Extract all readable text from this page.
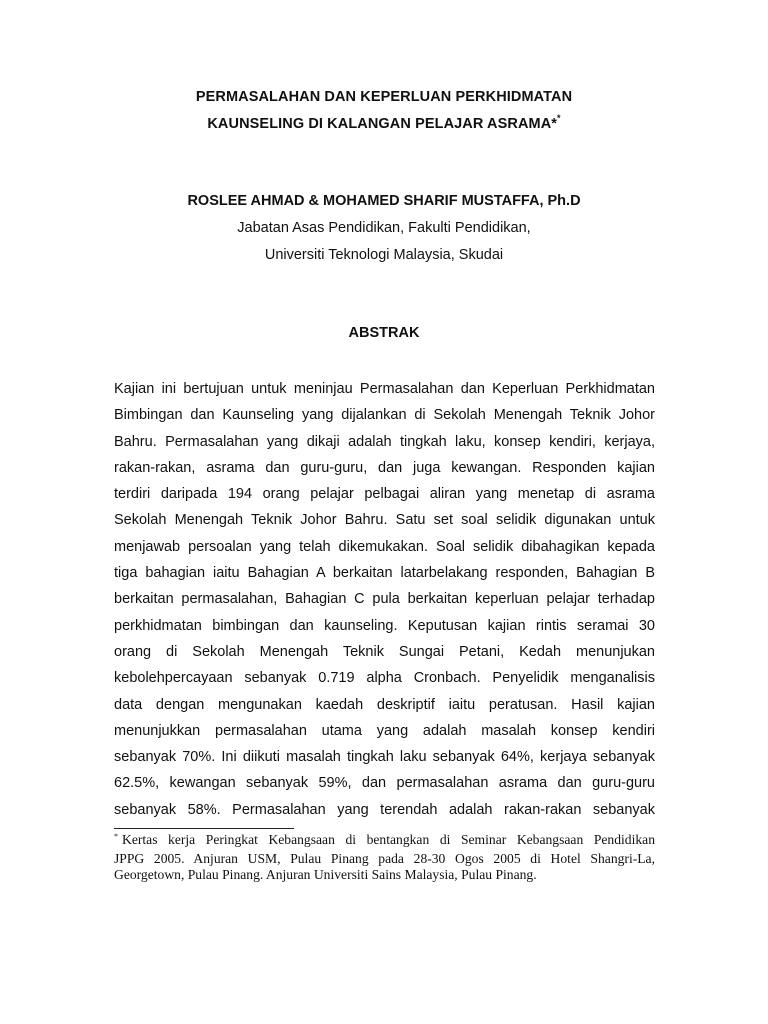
PERMASALAHAN DAN KEPERLUAN PERKHIDMATAN
KAUNSELING DI KALANGAN PELAJAR ASRAMA**
ROSLEE AHMAD & MOHAMED SHARIF MUSTAFFA, Ph.D
Jabatan Asas Pendidikan, Fakulti Pendidikan,
Universiti Teknologi Malaysia, Skudai
ABSTRAK
Kajian ini bertujuan untuk meninjau Permasalahan dan Keperluan Perkhidmatan
Bimbingan dan Kaunseling yang dijalankan di Sekolah Menengah Teknik Johor
Bahru. Permasalahan yang dikaji adalah tingkah laku, konsep kendiri, kerjaya,
rakan-rakan, asrama dan guru-guru, dan juga kewangan. Responden kajian
terdiri daripada 194 orang pelajar pelbagai aliran yang menetap di asrama
Sekolah Menengah Teknik Johor Bahru. Satu set soal selidik digunakan untuk
menjawab persoalan yang telah dikemukakan. Soal selidik dibahagikan kepada
tiga bahagian iaitu Bahagian A berkaitan latarbelakang responden, Bahagian B
berkaitan permasalahan, Bahagian C pula berkaitan keperluan pelajar terhadap
perkhidmatan bimbingan dan kaunseling. Keputusan kajian rintis seramai 30
orang di Sekolah Menengah Teknik Sungai Petani, Kedah menunjukan
kebolehpercayaan sebanyak 0.719 alpha Cronbach. Penyelidik menganalisis
data dengan mengunakan kaedah deskriptif iaitu peratusan. Hasil kajian
menunjukkan permasalahan utama yang adalah masalah konsep kendiri
sebanyak 70%. Ini diikuti masalah tingkah laku sebanyak 64%, kerjaya sebanyak
62.5%, kewangan sebanyak 59%, dan permasalahan asrama dan guru-guru
sebanyak 58%. Permasalahan yang terendah adalah rakan-rakan sebanyak
* Kertas kerja Peringkat Kebangsaan di bentangkan di Seminar Kebangsaan Pendidikan
JPPG 2005. Anjuran USM, Pulau Pinang pada 28-30 Ogos 2005 di Hotel Shangri-La,
Georgetown, Pulau Pinang. Anjuran Universiti Sains Malaysia, Pulau Pinang.
